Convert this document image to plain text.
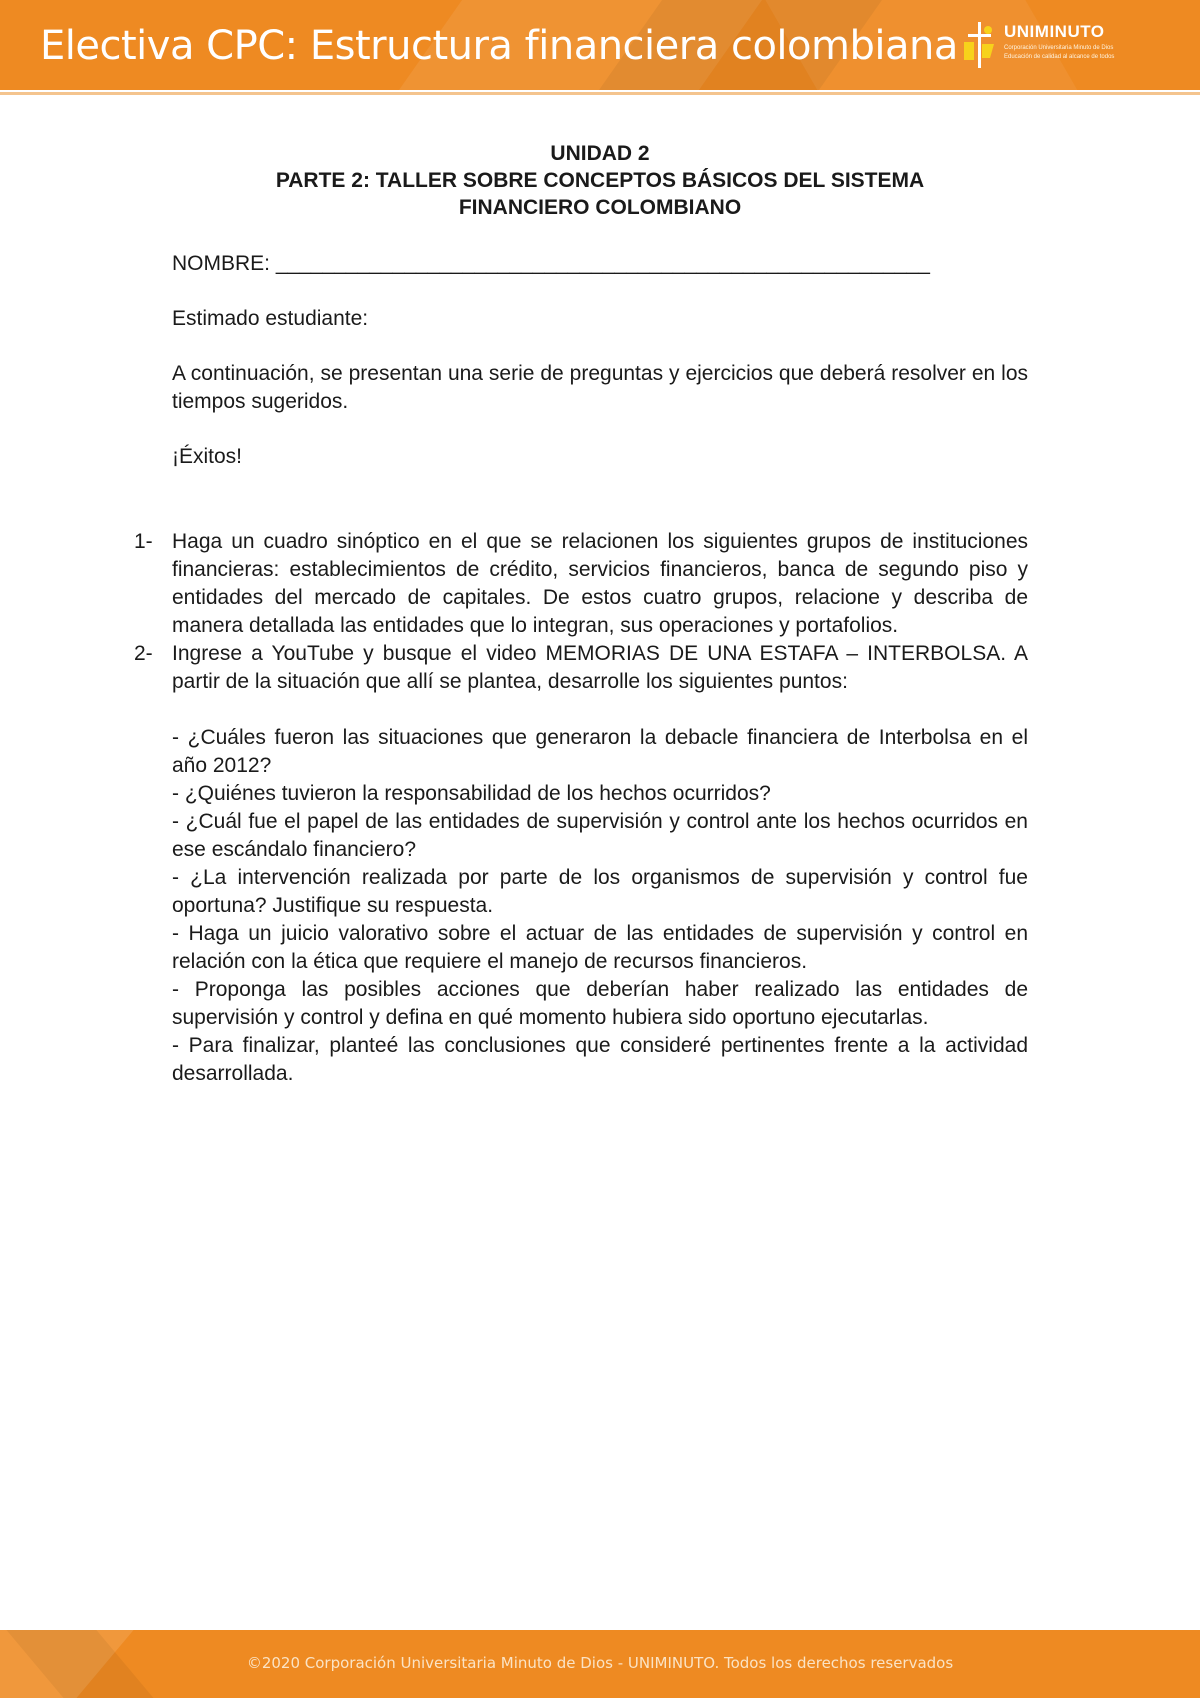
Electiva CPC: Estructura financiera colombiana	UNIMINUTO
Corporación Universitaria Minuto de Dios
Educación de calidad al alcance de todos
UNIDAD 2
PARTE 2: TALLER SOBRE CONCEPTOS BÁSICOS DEL SISTEMA
FINANCIERO COLOMBIANO
NOMBRE: ________________________________________________________
Estimado estudiante:
A continuación, se presentan una serie de preguntas y ejercicios que deberá resolver en los tiempos sugeridos.
¡Éxitos!
1- Haga un cuadro sinóptico en el que se relacionen los siguientes grupos de instituciones financieras: establecimientos de crédito, servicios financieros, banca de segundo piso y entidades del mercado de capitales. De estos cuatro grupos, relacione y describa de manera detallada las entidades que lo integran, sus operaciones y portafolios.
2- Ingrese a YouTube y busque el video MEMORIAS DE UNA ESTAFA – INTERBOLSA. A partir de la situación que allí se plantea, desarrolle los siguientes puntos:
- ¿Cuáles fueron las situaciones que generaron la debacle financiera de Interbolsa en el año 2012?
- ¿Quiénes tuvieron la responsabilidad de los hechos ocurridos?
- ¿Cuál fue el papel de las entidades de supervisión y control ante los hechos ocurridos en ese escándalo financiero?
- ¿La intervención realizada por parte de los organismos de supervisión y control fue oportuna? Justifique su respuesta.
- Haga un juicio valorativo sobre el actuar de las entidades de supervisión y control en relación con la ética que requiere el manejo de recursos financieros.
- Proponga las posibles acciones que deberían haber realizado las entidades de supervisión y control y defina en qué momento hubiera sido oportuno ejecutarlas.
- Para finalizar, planteé las conclusiones que consideré pertinentes frente a la actividad desarrollada.
©2020 Corporación Universitaria Minuto de Dios - UNIMINUTO. Todos los derechos reservados
